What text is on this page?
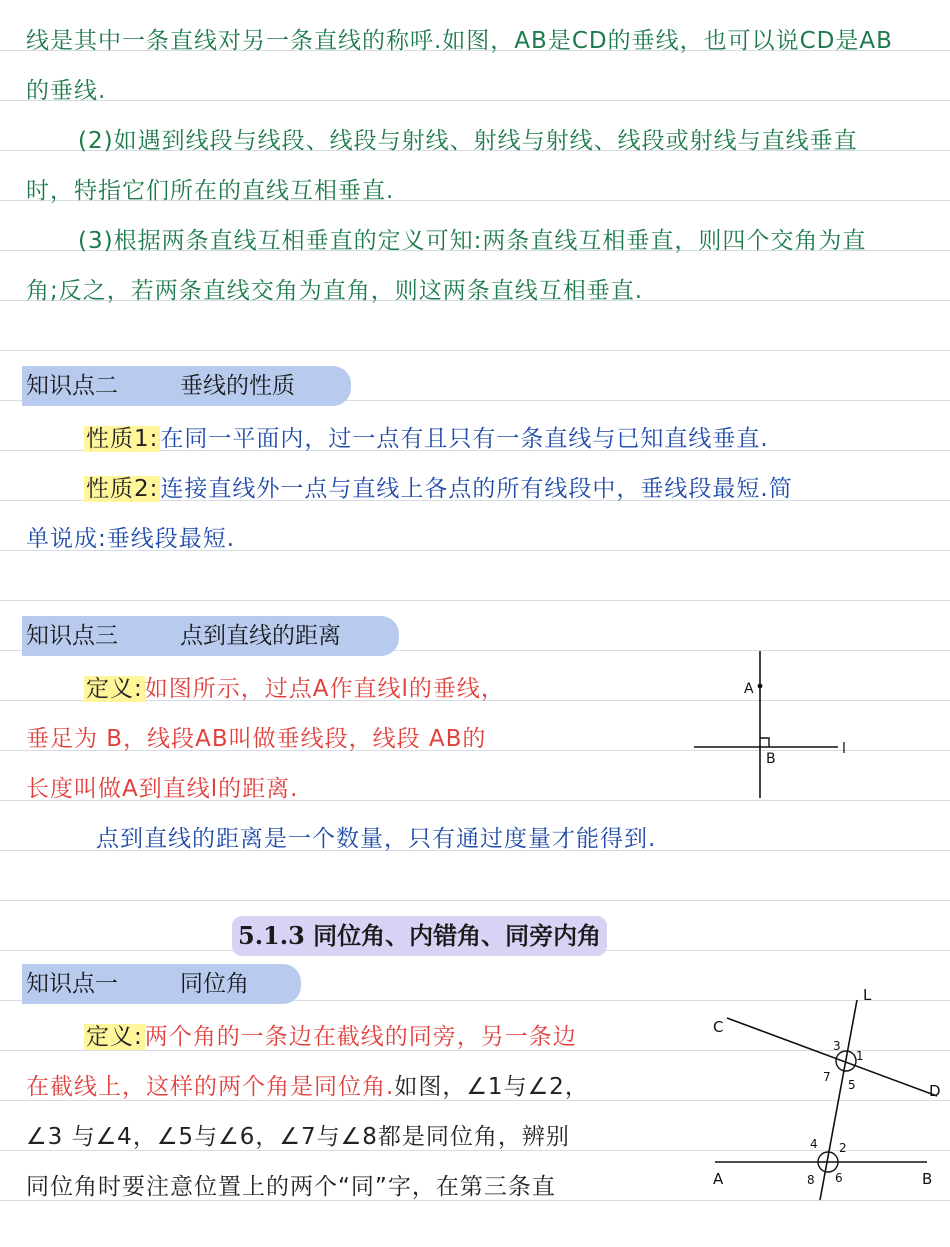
线是其中一条直线对另一条直线的称呼.如图，AB是CD的垂线，也可以说CD是AB
的垂线.
(2)如遇到线段与线段、线段与射线、射线与射线、线段或射线与直线垂直
时，特指它们所在的直线互相垂直.
(3)根据两条直线互相垂直的定义可知:两条直线互相垂直，则四个交角为直
角;反之，若两条直线交角为直角，则这两条直线互相垂直.
知识点二	垂线的性质
性质1:在同一平面内，过一点有且只有一条直线与已知直线垂直.
性质2:连接直线外一点与直线上各点的所有线段中，垂线段最短.简
单说成:垂线段最短.
知识点三	点到直线的距离
定义:如图所示，过点A作直线l的垂线，
垂足为 B，线段AB叫做垂线段，线段 AB的
长度叫做A到直线l的距离.
点到直线的距离是一个数量，只有通过度量才能得到.
A
B
l
5.1.3 同位角、内错角、同旁内角
知识点一	同位角
定义:两个角的一条边在截线的同旁，另一条边
在截线上，这样的两个角是同位角.如图，∠1与∠2，
∠3 与∠4，∠5与∠6，∠7与∠8都是同位角，辨别
同位角时要注意位置上的两个“同”字，在第三条直
L
C
D
A	B
1
3
7
5
2
4
8 6
